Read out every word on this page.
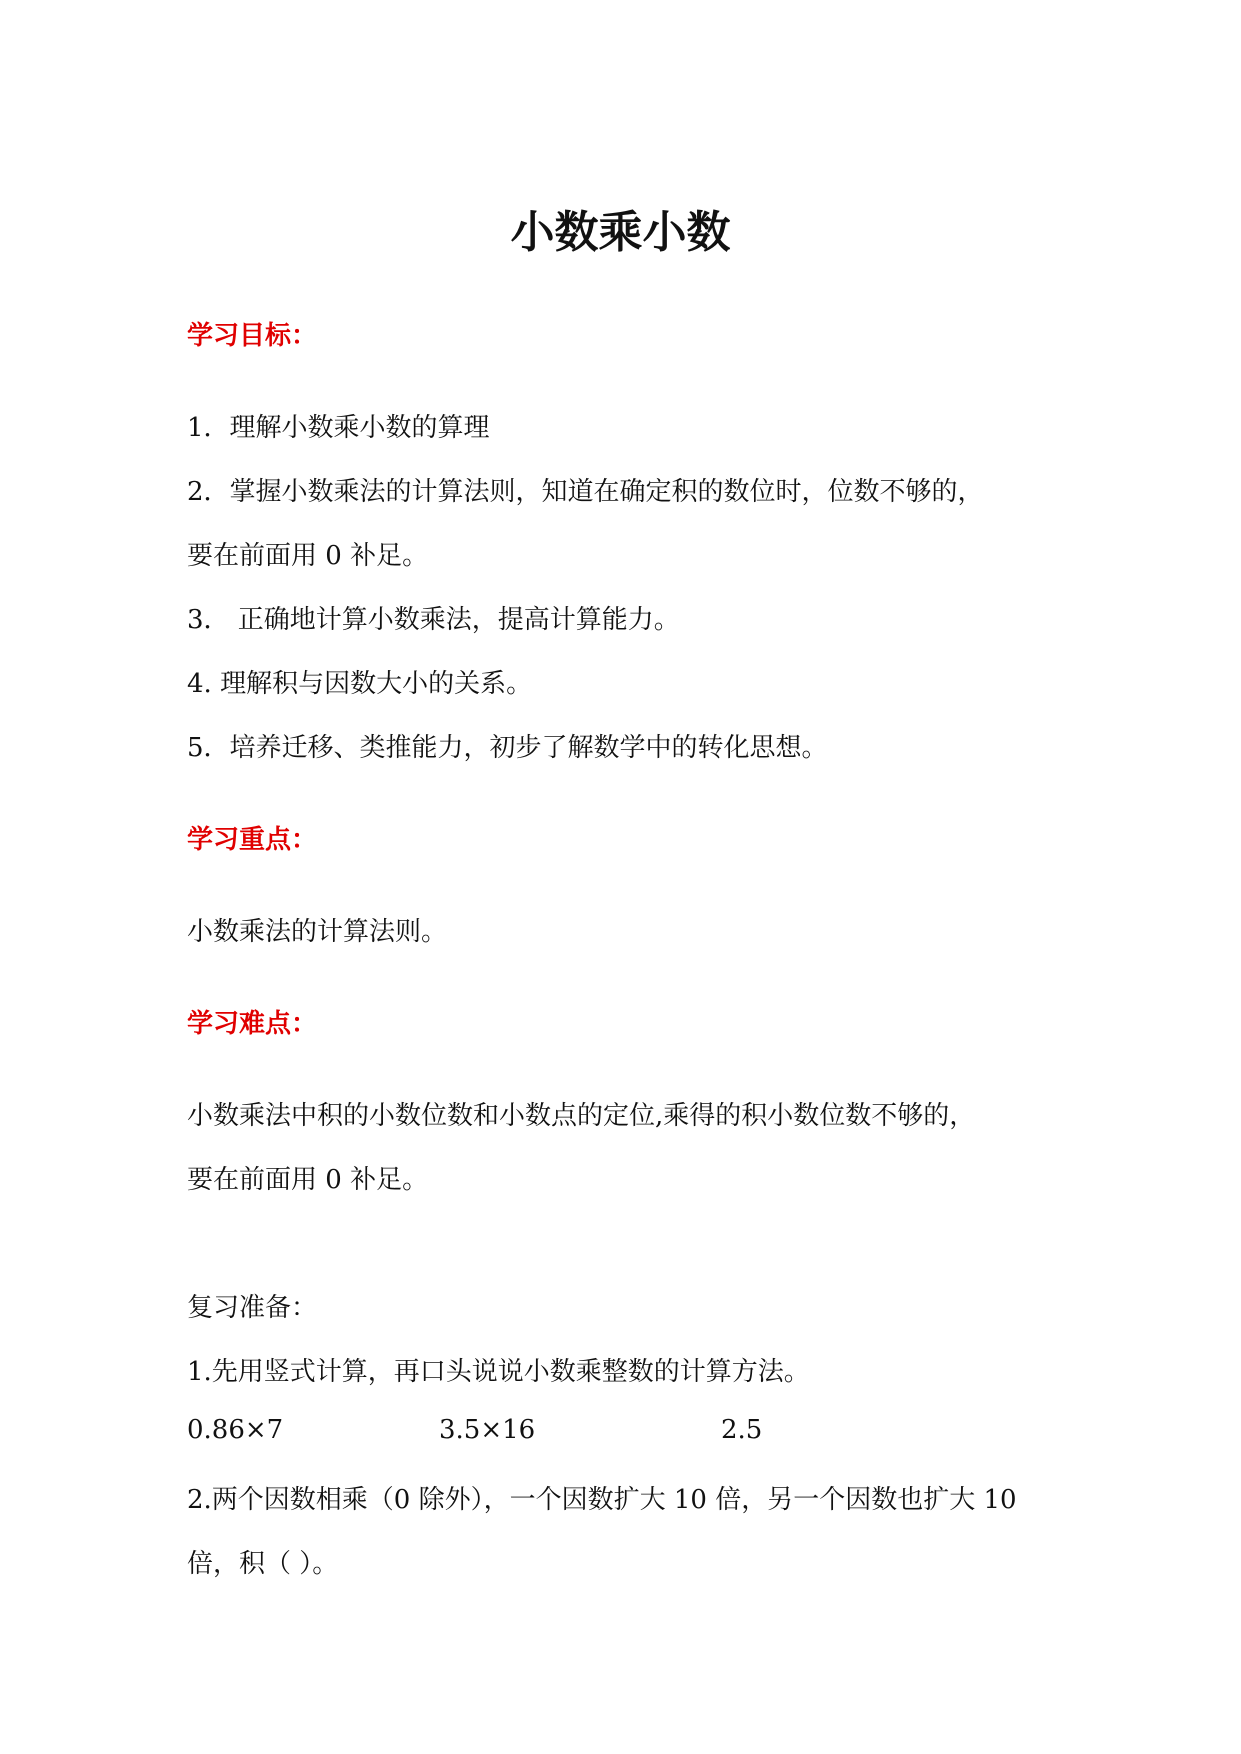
小数乘小数
学习目标：
1．理解小数乘小数的算理
2．掌握小数乘法的计算法则，知道在确定积的数位时，位数不够的，
要在前面用 0 补足。
3． 正确地计算小数乘法，提高计算能力。
4. 理解积与因数大小的关系。
5．培养迁移、类推能力，初步了解数学中的转化思想。
学习重点：
小数乘法的计算法则。
学习难点：
小数乘法中积的小数位数和小数点的定位,乘得的积小数位数不够的，
要在前面用 0 补足。
复习准备：
1.先用竖式计算，再口头说说小数乘整数的计算方法。
0.86×7	3.5×16	2.5
2.两个因数相乘（0 除外），一个因数扩大 10 倍，另一个因数也扩大 10
倍，积（ ）。
